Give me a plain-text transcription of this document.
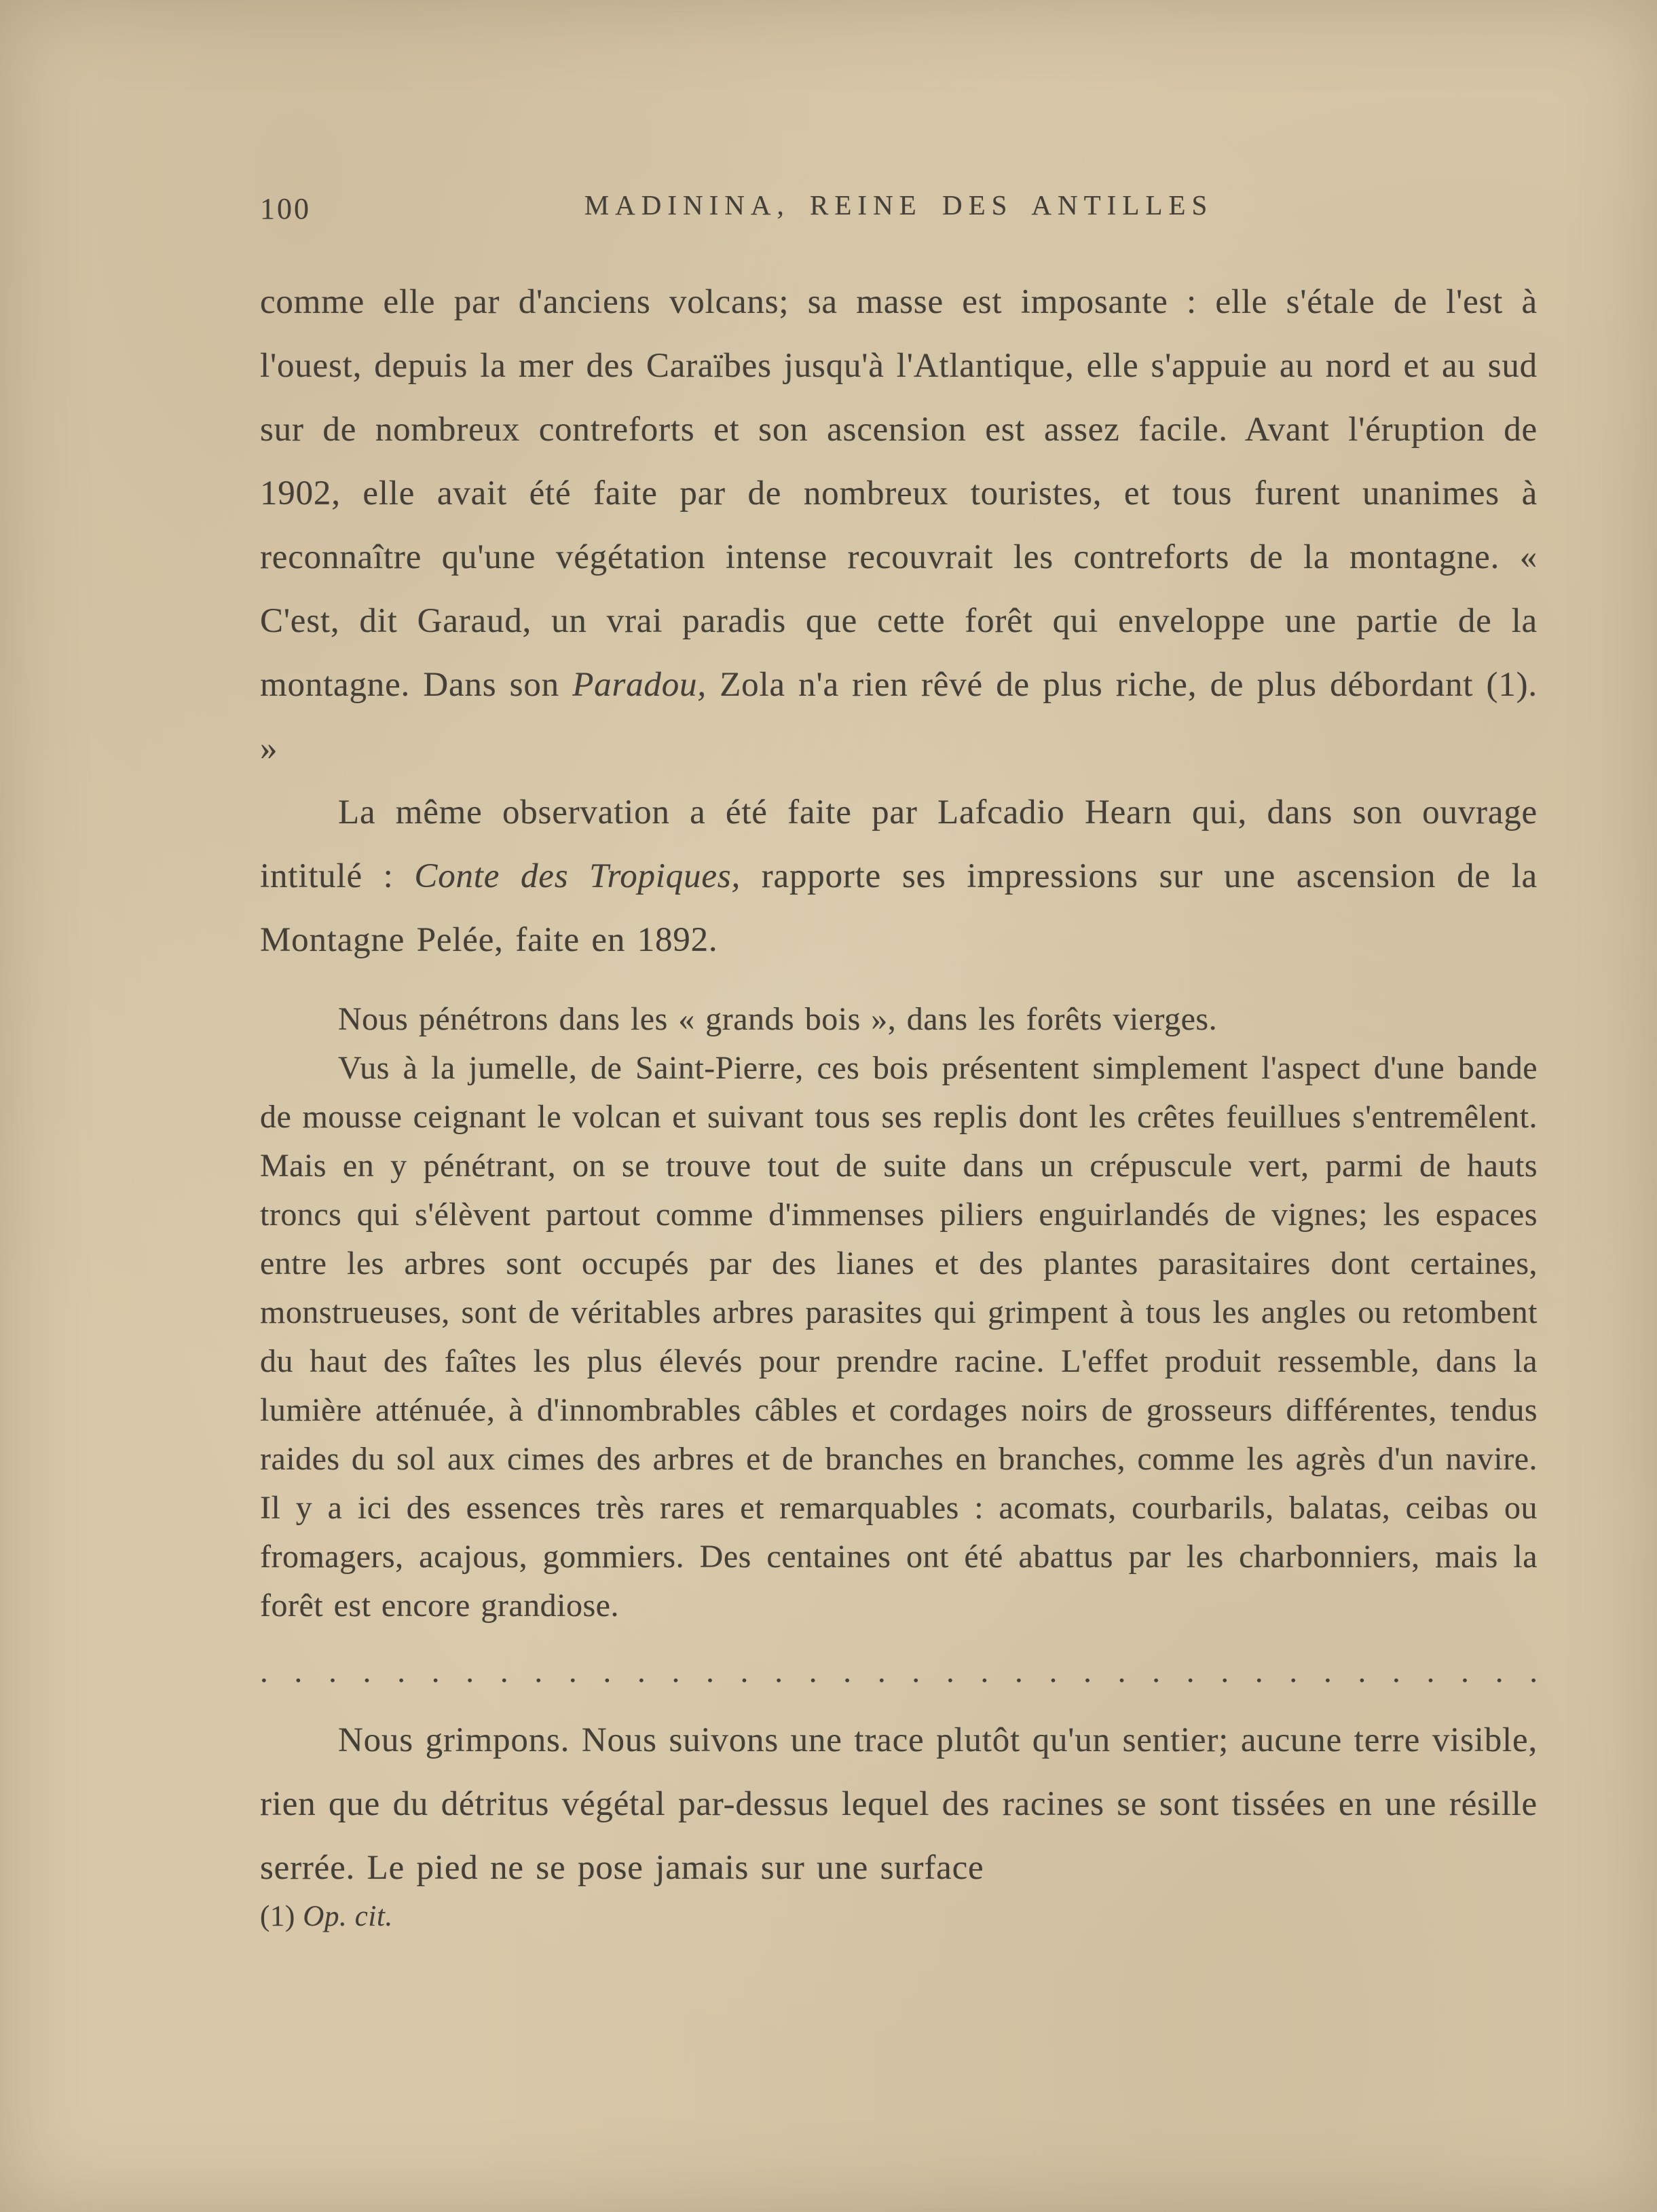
100	MADININA, REINE DES ANTILLES

comme elle par d'anciens volcans; sa masse est imposante : elle s'étale de l'est à l'ouest, depuis la mer des Caraïbes jusqu'à l'Atlantique, elle s'appuie au nord et au sud sur de nombreux contreforts et son ascension est assez facile. Avant l'éruption de 1902, elle avait été faite par de nombreux touristes, et tous furent unanimes à reconnaître qu'une végétation intense recouvrait les contreforts de la montagne. « C'est, dit Garaud, un vrai paradis que cette forêt qui enveloppe une partie de la montagne. Dans son Paradou, Zola n'a rien rêvé de plus riche, de plus débordant (1). »

La même observation a été faite par Lafcadio Hearn qui, dans son ouvrage intitulé : Conte des Tropiques, rapporte ses impressions sur une ascension de la Montagne Pelée, faite en 1892.

Nous pénétrons dans les « grands bois », dans les forêts vierges.

Vus à la jumelle, de Saint-Pierre, ces bois présentent simplement l'aspect d'une bande de mousse ceignant le volcan et suivant tous ses replis dont les crêtes feuillues s'entremêlent. Mais en y pénétrant, on se trouve tout de suite dans un crépuscule vert, parmi de hauts troncs qui s'élèvent partout comme d'immenses piliers enguirlandés de vignes; les espaces entre les arbres sont occupés par des lianes et des plantes parasitaires dont certaines, monstrueuses, sont de véritables arbres parasites qui grimpent à tous les angles ou retombent du haut des faîtes les plus élevés pour prendre racine. L'effet produit ressemble, dans la lumière atténuée, à d'innombrables câbles et cordages noirs de grosseurs différentes, tendus raides du sol aux cimes des arbres et de branches en branches, comme les agrès d'un navire. Il y a ici des essences très rares et remarquables : acomats, courbarils, balatas, ceibas ou fromagers, acajous, gommiers. Des centaines ont été abattus par les charbonniers, mais la forêt est encore grandiose.

. . . . . . . . . . . . . . . . . . . . . . . . . . . . . . . . . . . . . .

Nous grimpons. Nous suivons une trace plutôt qu'un sentier; aucune terre visible, rien que du détritus végétal par-dessus lequel des racines se sont tissées en une résille serrée. Le pied ne se pose jamais sur une surface

(1) Op. cit.
